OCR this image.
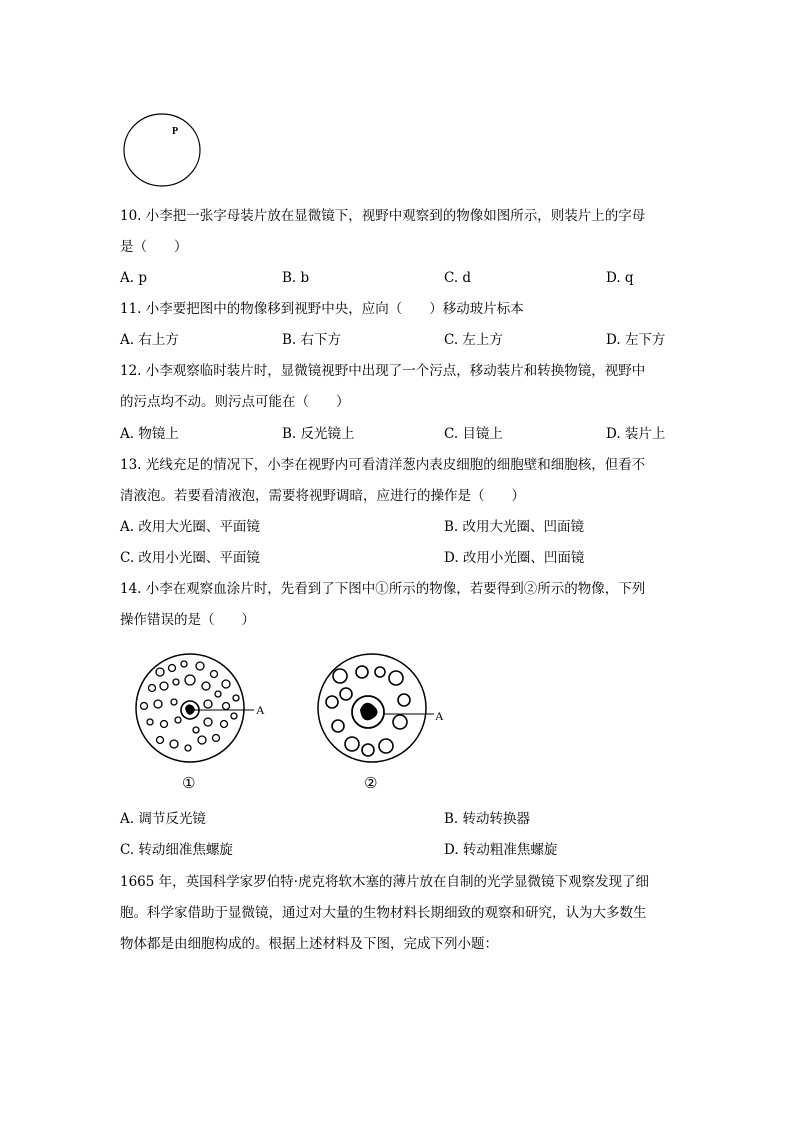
P
10. 小李把一张字母装片放在显微镜下，视野中观察到的物像如图所示，则装片上的字母
是（　　）
A. p	B. b	C. d	D. q
11. 小李要把图中的物像移到视野中央，应向（　　）移动玻片标本
A. 右上方	B. 右下方	C. 左上方	D. 左下方
12. 小李观察临时装片时，显微镜视野中出现了一个污点，移动装片和转换物镜，视野中
的污点均不动。则污点可能在（　　）
A. 物镜上	B. 反光镜上	C. 目镜上	D. 装片上
13. 光线充足的情况下，小李在视野内可看清洋葱内表皮细胞的细胞壁和细胞核，但看不
清液泡。若要看清液泡，需要将视野调暗，应进行的操作是（　　）
A. 改用大光圈、平面镜	B. 改用大光圈、凹面镜
C. 改用小光圈、平面镜	D. 改用小光圈、凹面镜
14. 小李在观察血涂片时，先看到了下图中①所示的物像，若要得到②所示的物像，下列
操作错误的是（　　）
A
①
A
②
A. 调节反光镜	B. 转动转换器
C. 转动细准焦螺旋	D. 转动粗准焦螺旋
1665 年，英国科学家罗伯特·虎克将软木塞的薄片放在自制的光学显微镜下观察发现了细
胞。科学家借助于显微镜，通过对大量的生物材料长期细致的观察和研究，认为大多数生
物体都是由细胞构成的。根据上述材料及下图，完成下列小题：
